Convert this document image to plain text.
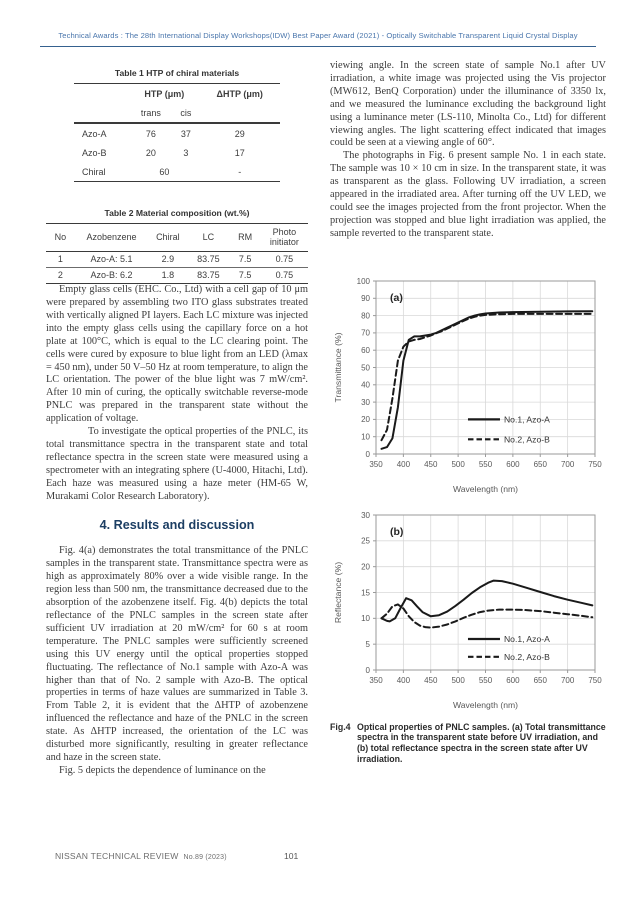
Technical Awards : The 28th International Display Workshops(IDW) Best Paper Award (2021) - Optically Switchable Transparent Liquid Crystal Display
Table 1 HTP of chiral materials
	HTP (μm)		ΔHTP (μm)
	trans	cis	
Azo-A	76	37	29
Azo-B	20	3	17
Chiral	60		-
Table 2 Material composition (wt.%)
No	Azobenzene	Chiral	LC	RM	Photo initiator
1	Azo-A: 5.1	2.9	83.75	7.5	0.75
2	Azo-B: 6.2	1.8	83.75	7.5	0.75

Empty glass cells (EHC. Co., Ltd) with a cell gap of 10 μm were prepared by assembling two ITO glass substrates treated with vertically aligned PI layers. Each LC mixture was injected into the empty glass cells using the capillary force on a hot plate at 100°C, which is equal to the LC clearing point. The cells were cured by exposure to blue light from an LED (λmax = 450 nm), under 50 V–50 Hz at room temperature, to align the LC orientation. The power of the blue light was 7 mW/cm². After 10 min of curing, the optically switchable reverse-mode PNLC was prepared in the transparent state without the application of voltage.

To investigate the optical properties of the PNLC, its total transmittance spectra in the transparent state and total reflectance spectra in the screen state were measured using a spectrometer with an integrating sphere (U-4000, Hitachi, Ltd). Each haze was measured using a haze meter (HM-65 W, Murakami Color Research Laboratory).

4. Results and discussion

Fig. 4(a) demonstrates the total transmittance of the PNLC samples in the transparent state. Transmittance spectra were as high as approximately 80% over a wide visible range. In the region less than 500 nm, the transmittance decreased due to the absorption of the azobenzene itself. Fig. 4(b) depicts the total reflectance of the PNLC samples in the screen state after sufficient UV irradiation at 20 mW/cm² for 60 s at room temperature. The PNLC samples were sufficiently screened using this UV energy until the optical properties stopped fluctuating. The reflectance of No.1 sample with Azo-A was higher than that of No. 2 sample with Azo-B. The optical properties in terms of haze values are summarized in Table 3. From Table 2, it is evident that the ΔHTP of azobenzene influenced the reflectance and haze of the PNLC in the screen state. As ΔHTP increased, the orientation of the LC was disturbed more significantly, resulting in greater reflectance and haze in the screen state.

Fig. 5 depicts the dependence of luminance on the

viewing angle. In the screen state of sample No.1 after UV irradiation, a white image was projected using the Vis projector (MW612, BenQ Corporation) under the illuminance of 3350 lx, and we measured the luminance excluding the background light using a luminance meter (LS-110, Minolta Co., Ltd) for different viewing angles. The light scattering effect indicated that images could be seen at a viewing angle of 60°.

The photographs in Fig. 6 present sample No. 1 in each state. The sample was 10 × 10 cm in size. In the transparent state, it was as transparent as the glass. Following UV irradiation, a screen appeared in the irradiated area. After turning off the UV LED, we could see the images projected from the front projector. When the projection was stopped and blue light irradiation was applied, the sample reverted to the transparent state.

350 400 450 500 550 600 650 700 750
0
10
20
30
40
50
60
70
80
90
100
Wavelength (nm)
Transmittance (%)
(a)
No.1, Azo-A
No.2, Azo-B
350 400 450 500 550 600 650 700 750
0
5
10
15
20
25
30
Wavelength (nm)
Reflectance (%)
(b)
No.1, Azo-A
No.2, Azo-B
Fig.4 Optical properties of PNLC samples. (a) Total transmittance spectra in the transparent state before UV irradiation, and (b) total reflectance spectra in the screen state after UV irradiation.
NISSAN TECHNICAL REVIEW No.89 (2023)	101
